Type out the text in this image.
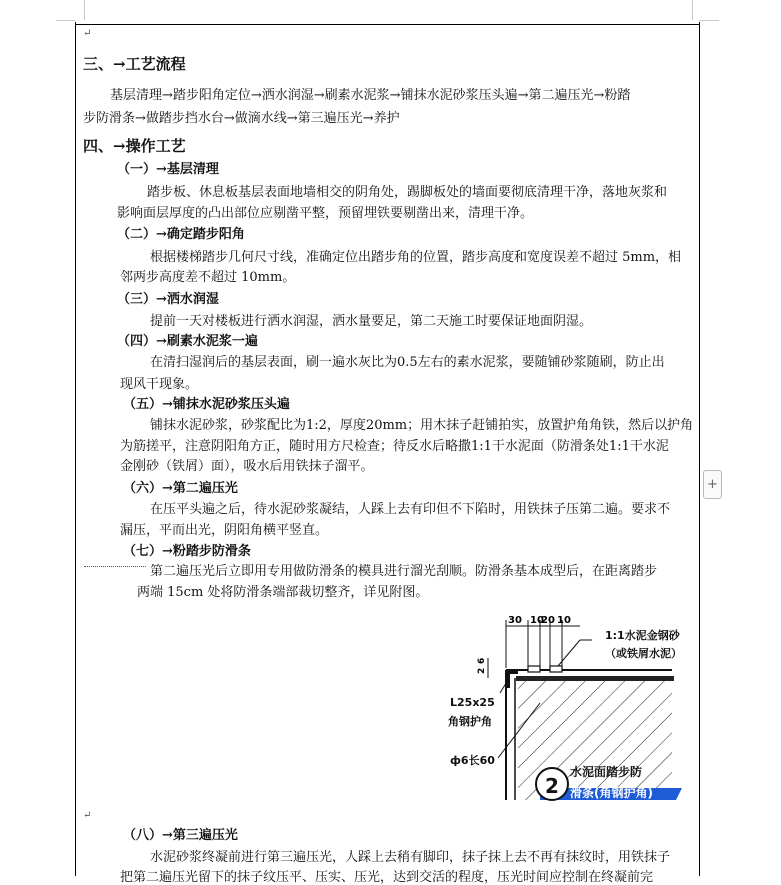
↵
↵
三、→工艺流程
基层清理→踏步阳角定位→洒水润湿→刷素水泥浆→铺抹水泥砂浆压头遍→第二遍压光→粉踏
步防滑条→做踏步挡水台→做滴水线→第三遍压光→养护
四、→操作工艺
（一）→基层清理
踏步板、休息板基层表面地墙相交的阴角处，踢脚板处的墙面要彻底清理干净，落地灰浆和
影响面层厚度的凸出部位应剔凿平整，预留埋铁要剔凿出来，清理干净。
（二）→确定踏步阳角
根据楼梯踏步几何尺寸线，准确定位出踏步角的位置，踏步高度和宽度误差不超过 5mm，相
邻两步高度差不超过 10mm。
（三）→洒水润湿
提前一天对楼板进行洒水润湿，洒水量要足，第二天施工时要保证地面阴湿。
（四）→刷素水泥浆一遍
在清扫湿润后的基层表面，刷一遍水灰比为0.5左右的素水泥浆，要随铺砂浆随刷，防止出
现风干现象。
（五）→铺抹水泥砂浆压头遍
铺抹水泥砂浆，砂浆配比为1:2，厚度20mm；用木抹子赶铺拍实，放置护角角铁，然后以护角
为筋搓平，注意阴阳角方正，随时用方尺检查；待反水后略撒1:1干水泥面（防滑条处1:1干水泥
金刚砂（铁屑）面），吸水后用铁抹子溜平。
（六）→第二遍压光
在压平头遍之后，待水泥砂浆凝结，人踩上去有印但不下陷时，用铁抹子压第二遍。要求不
漏压，平而出光，阴阳角横平竖直。
（七）→粉踏步防滑条
第二遍压光后立即用专用做防滑条的模具进行溜光刮顺。防滑条基本成型后，在距离踏步
两端 15cm 处将防滑条端部裁切整齐，详见附图。
30 10
20 10
6
2
1:1水泥金钢砂
（或铁屑水泥）
L25x25
角钢护角
ф6长60
2
水泥面踏步防
滑条(角钢护角)
（八）→第三遍压光
水泥砂浆终凝前进行第三遍压光，人踩上去稍有脚印，抹子抹上去不再有抹纹时，用铁抹子
把第二遍压光留下的抹子纹压平、压实、压光，达到交活的程度，压光时间应控制在终凝前完
+
